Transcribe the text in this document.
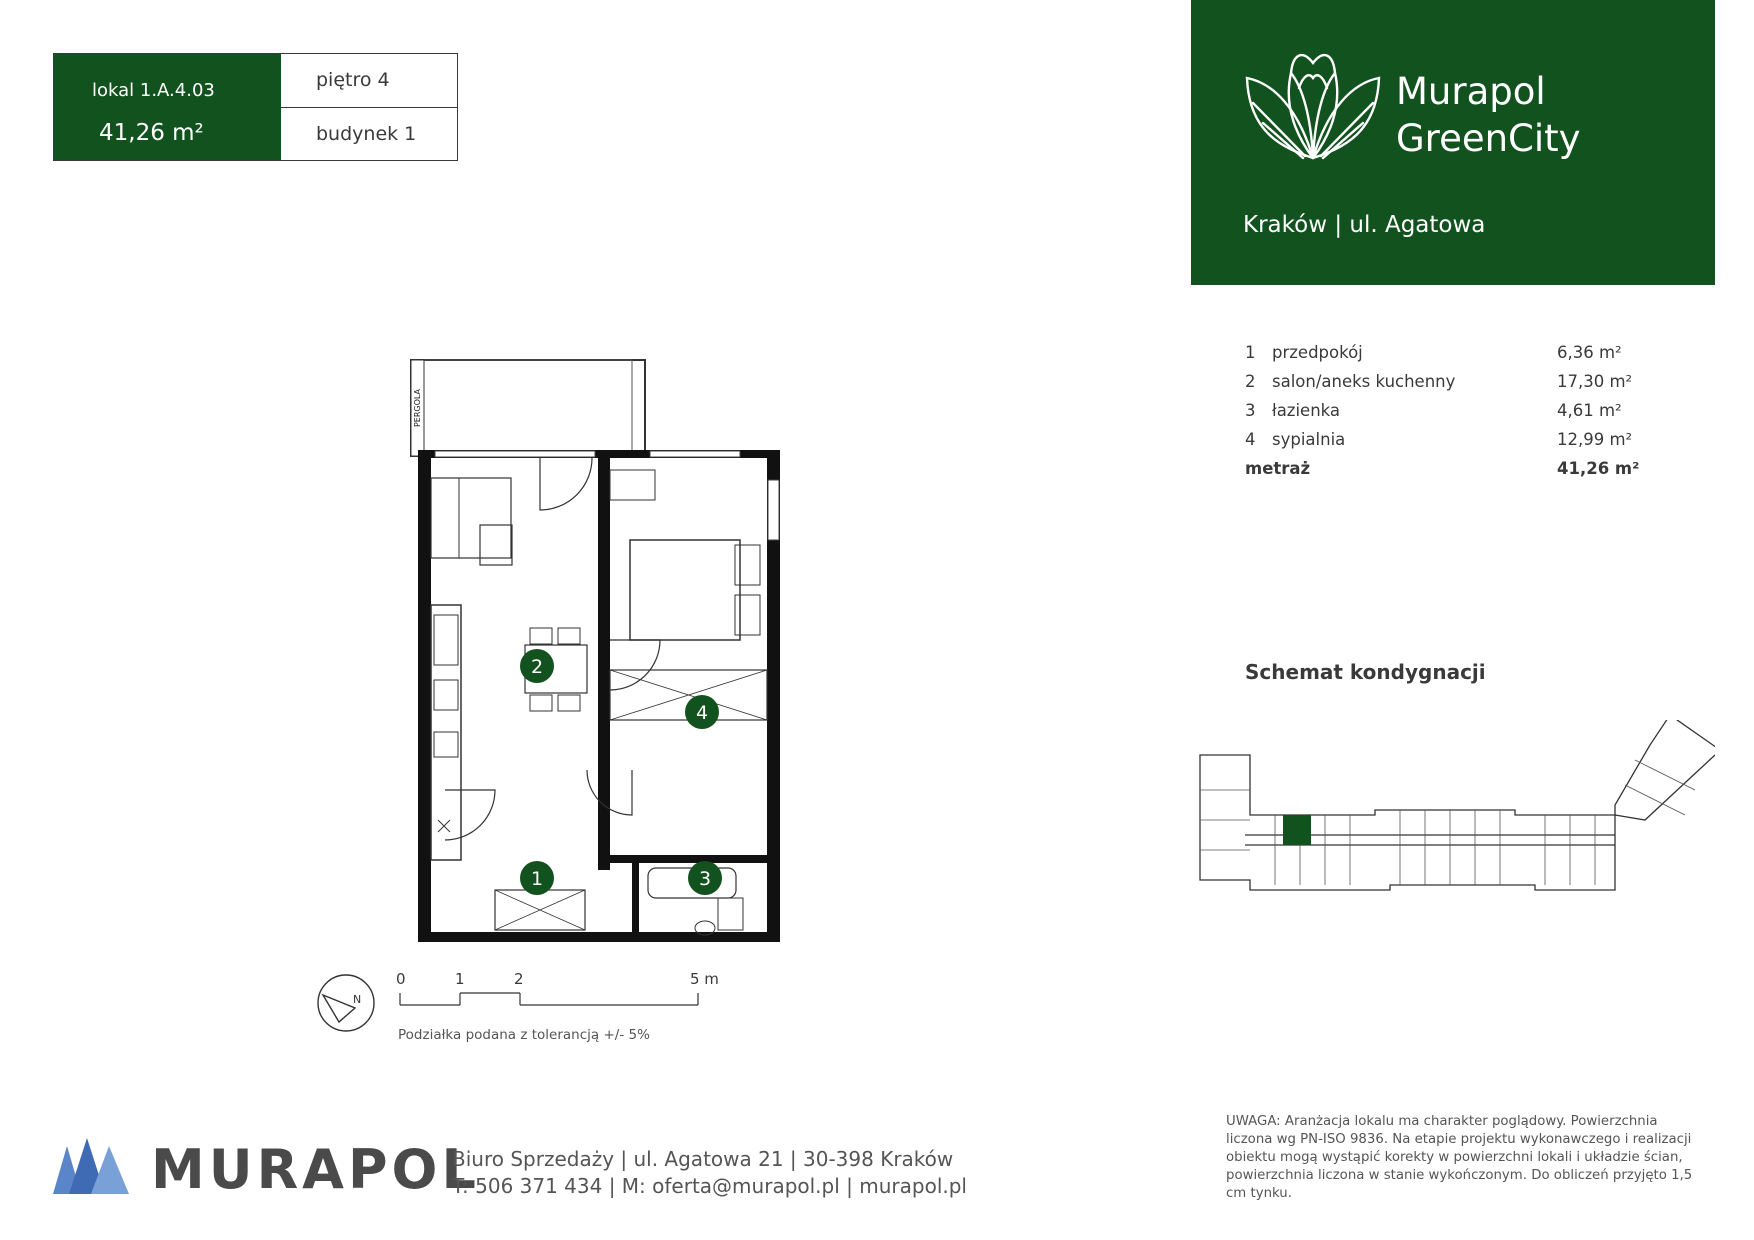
lokal 1.A.4.03
41,26 m²
piętro 4
budynek 1
Murapol
GreenCity
Kraków | ul. Agatowa
1 przedpokój	6,36 m²
2 salon/aneks kuchenny	17,30 m²
3 łazienka	4,61 m²
4 sypialnia	12,99 m²
metraż	41,26 m²
Schemat kondygnacji
PERGOLA
1
2
3
4
N
0	1	2	5 m
Podziałka podana z tolerancją +/- 5%
MURAPOL
Biuro Sprzedaży | ul. Agatowa 21 | 30-398 Kraków
T: 506 371 434 | M: oferta@murapol.pl | murapol.pl
UWAGA: Aranżacja lokalu ma charakter poglądowy. Powierzchnia liczona wg PN-ISO 9836. Na etapie projektu wykonawczego i realizacji obiektu mogą wystąpić korekty w powierzchni lokali i układzie ścian, powierzchnia liczona w stanie wykończonym. Do obliczeń przyjęto 1,5 cm tynku.
